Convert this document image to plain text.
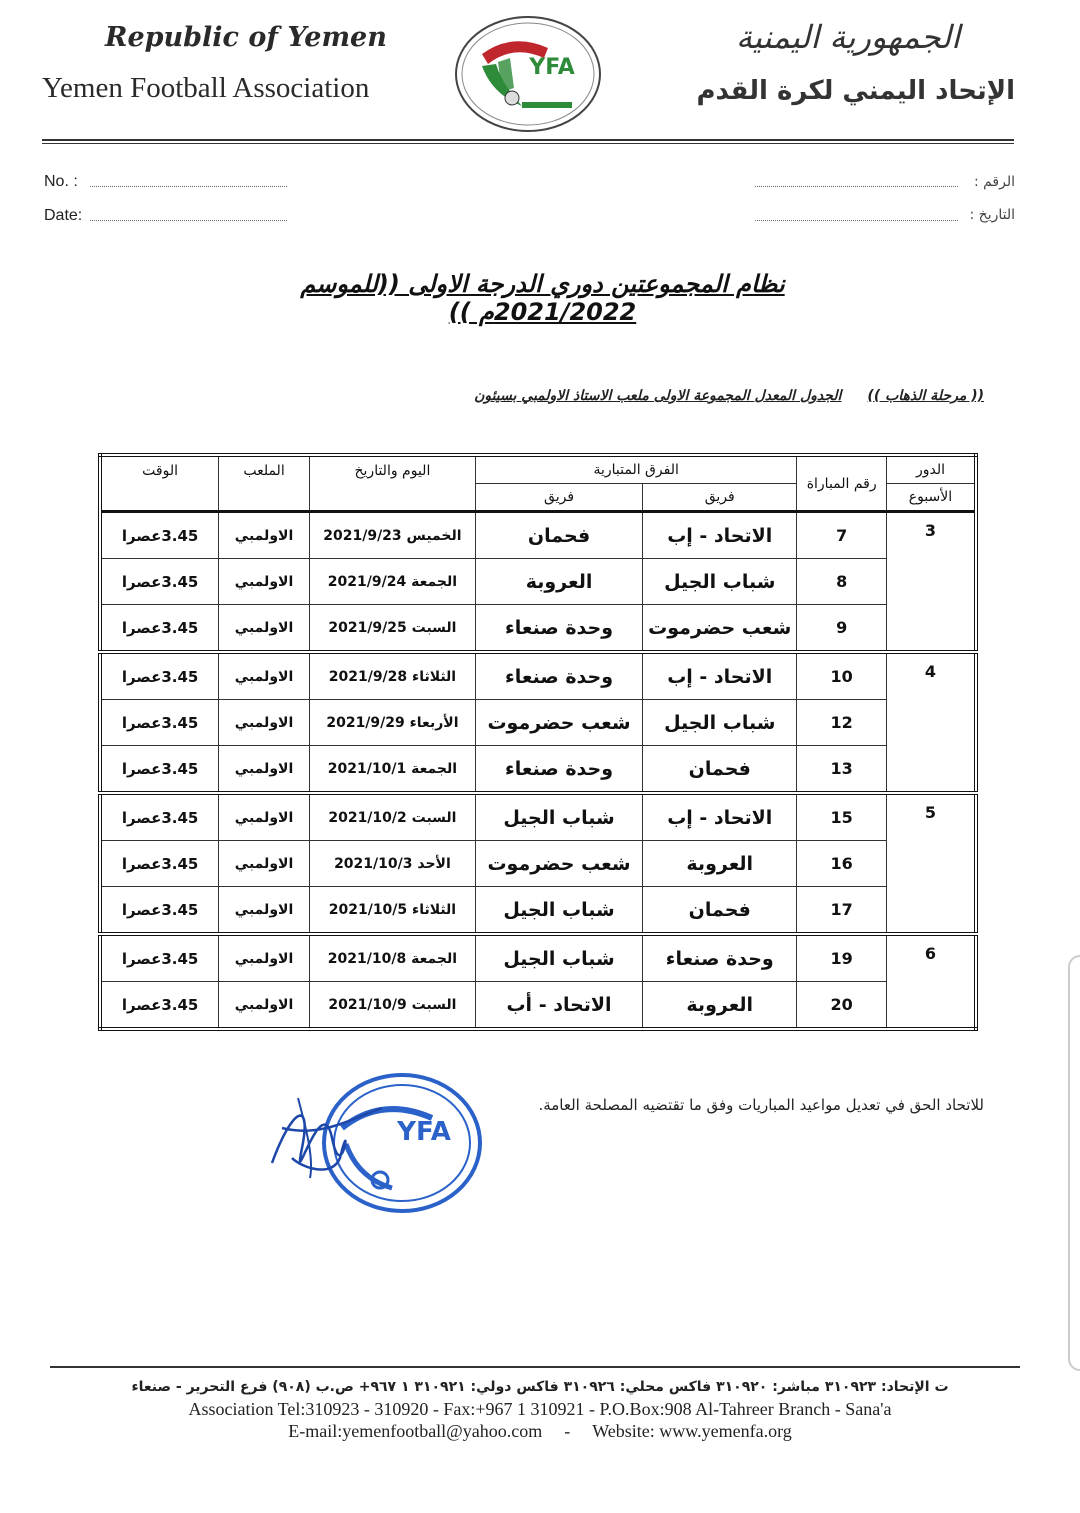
Republic of Yemen
Yemen Football Association
الجمهورية اليمنية
الإتحاد اليمني لكرة القدم
YFA
No. :
Date:
الرقم :
التاريخ :
نظام المجموعتين دوري الدرجة الاولى ((للموسم 2021/2022م ))
(( مرحلة الذهاب ))الجدول المعدل المجموعة الاولى ملعب الاستاذ الاولمبي بسيئون
الدور	رقم المباراة	الفرق المتبارية		اليوم والتاريخ	الملعب	الوقت
الأسبوع		فريق	فريق			
3	7	الاتحاد - إب	فحمان	الخميس 2021/9/23	الاولمبي	3.45عصرا
	8	شباب الجيل	العروبة	الجمعة 2021/9/24	الاولمبي	3.45عصرا
	9	شعب حضرموت	وحدة صنعاء	السبت 2021/9/25	الاولمبي	3.45عصرا
4	10	الاتحاد - إب	وحدة صنعاء	الثلاثاء 2021/9/28	الاولمبي	3.45عصرا
	12	شباب الجيل	شعب حضرموت	الأربعاء 2021/9/29	الاولمبي	3.45عصرا
	13	فحمان	وحدة صنعاء	الجمعة 2021/10/1	الاولمبي	3.45عصرا
5	15	الاتحاد - إب	شباب الجيل	السبت 2021/10/2	الاولمبي	3.45عصرا
	16	العروبة	شعب حضرموت	الأحد 2021/10/3	الاولمبي	3.45عصرا
	17	فحمان	شباب الجيل	الثلاثاء 2021/10/5	الاولمبي	3.45عصرا
6	19	وحدة صنعاء	شباب الجيل	الجمعة 2021/10/8	الاولمبي	3.45عصرا
	20	العروبة	الاتحاد - أب	السبت 2021/10/9	الاولمبي	3.45عصرا
YFA
للاتحاد الحق في تعديل مواعيد المباريات وفق ما تقتضيه المصلحة العامة.
ت الإتحاد: ٣١٠٩٢٣ مباشر: ٣١٠٩٢٠ فاكس محلي: ٣١٠٩٢٦ فاكس دولي: ٣١٠٩٢١ ١ ٩٦٧+ ص.ب (٩٠٨) فرع التحرير - صنعاء
Association Tel:310923 - 310920 - Fax:+967 1 310921 - P.O.Box:908 Al-Tahreer Branch - Sana'a
E-mail:yemenfootball@yahoo.com - Website: www.yemenfa.org
